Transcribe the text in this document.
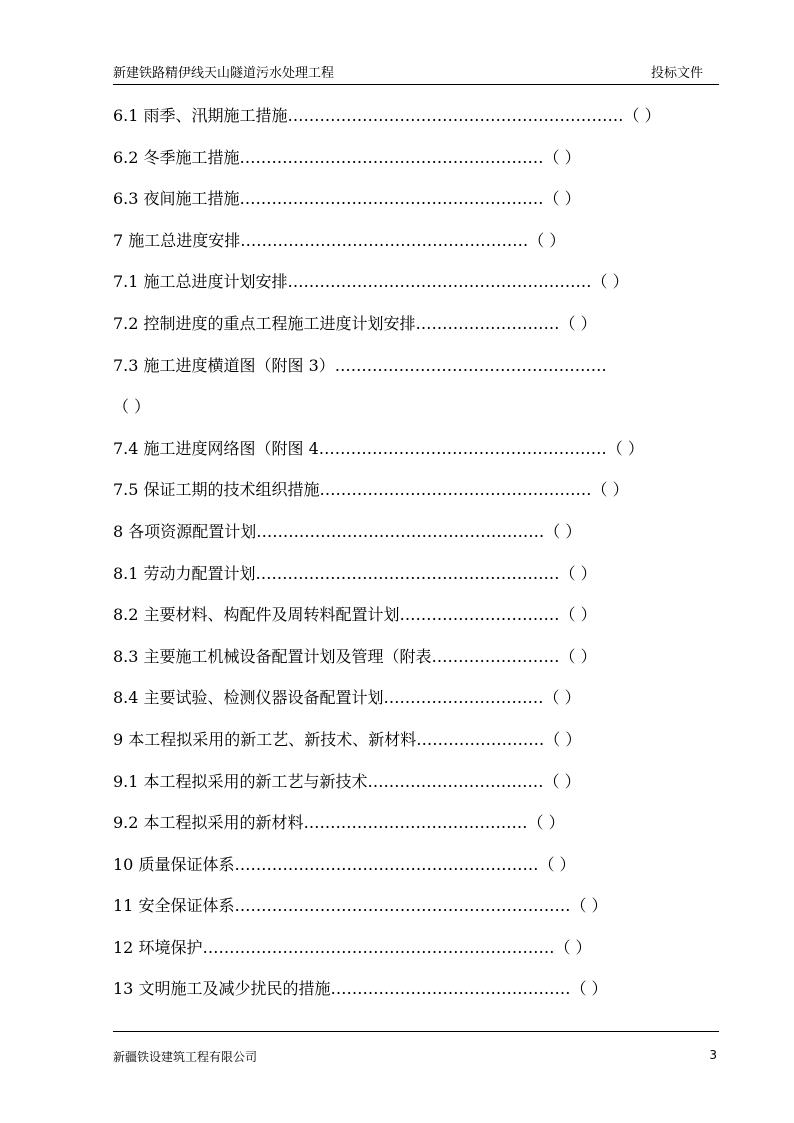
新建铁路精伊线天山隧道污水处理工程	投标文件
6.1 雨季、汛期施工措施………………………………………………………（ ）
6.2 冬季施工措施…………………………………………………（ ）
6.3 夜间施工措施…………………………………………………（ ）
7 施工总进度安排………………………………………………（ ）
7.1 施工总进度计划安排…………………………………………………（ ）
7.2 控制进度的重点工程施工进度计划安排………………………（ ）
7.3 施工进度横道图（附图 3）……………………………………………
（ ）
7.4 施工进度网络图（附图 4………………………………………………（ ）
7.5 保证工期的技术组织措施……………………………………………（ ）
8 各项资源配置计划………………………………………………（ ）
8.1 劳动力配置计划…………………………………………………（ ）
8.2 主要材料、构配件及周转料配置计划…………………………（ ）
8.3 主要施工机械设备配置计划及管理（附表……………………（ ）
8.4 主要试验、检测仪器设备配置计划…………………………（ ）
9 本工程拟采用的新工艺、新技术、新材料……………………（ ）
9.1 本工程拟采用的新工艺与新技术……………………………（ ）
9.2 本工程拟采用的新材料……………………………………（ ）
10 质量保证体系…………………………………………………（ ）
11 安全保证体系………………………………………………………（ ）
12 环境保护…………………………………………………………（ ）
13 文明施工及减少扰民的措施………………………………………（ ）
新疆铁设建筑工程有限公司	3
